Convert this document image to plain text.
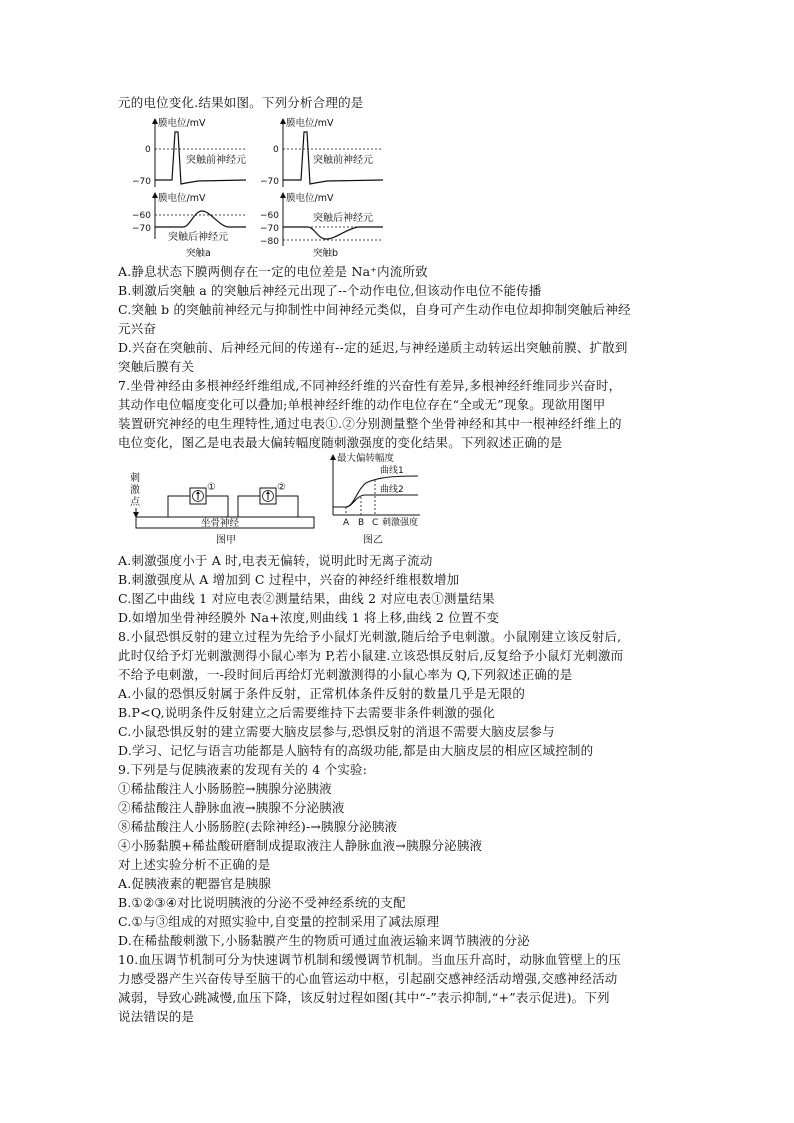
元的电位变化.结果如图。下列分析合理的是
膜电位/mV
0
−70
突触前神经元
膜电位/mV
0
−70
突触前神经元
膜电位/mV
−60
−70
突触后神经元
突触a
膜电位/mV
−60
−70
−80
突触后神经元
突触b
A.静息状态下膜两侧存在一定的电位差是 Na⁺内流所致
B.刺激后突触 a 的突触后神经元出现了--个动作电位,但该动作电位不能传播
C.突触 b 的突触前神经元与抑制性中间神经元类似，自身可产生动作电位却抑制突触后神经
元兴奋
D.兴奋在突触前、后神经元间的传递有--定的延迟,与神经递质主动转运出突触前膜、扩散到
突触后膜有关
7.坐骨神经由多根神经纤维组成,不同神经纤维的兴奋性有差异,多根神经纤维同步兴奋时，
其动作电位幅度变化可以叠加;单根神经纤维的动作电位存在“全或无”现象。现欲用图甲
装置研究神经的电生理特性,通过电表①.②分别测量整个坐骨神经和其中一根神经纤维上的
电位变化，图乙是电表最大偏转幅度随刺激强度的变化结果。下列叙述正确的是
刺
激
点
坐骨神经
①	②
图甲
最大偏转幅度
曲线1
曲线2
A B C 刺激强度
图乙
A.刺激强度小于 A 时,电表无偏转，说明此时无离子流动
B.刺激强度从 A 增加到 C 过程中，兴奋的神经纤维根数增加
C.图乙中曲线 1 对应电表②测量结果，曲线 2 对应电表①测量结果
D.如增加坐骨神经膜外 Na+浓度,则曲线 1 将上移,曲线 2 位置不变
8.小鼠恐惧反射的建立过程为先给予小鼠灯光刺激,随后给予电刺激。小鼠刚建立该反射后,
此时仅给予灯光刺激测得小鼠心率为 P,若小鼠建.立该恐惧反射后,反复给予小鼠灯光刺激而
不给予电刺激，一-段时间后再给灯光刺激测得的小鼠心率为 Q,下列叙述正确的是
A.小鼠的恐惧反射属于条件反射，正常机体条件反射的数量几乎是无限的
B.P<Q,说明条件反射建立之后需要维持下去需要非条件刺激的强化
C.小鼠恐惧反射的建立需要大脑皮层参与,恐惧反射的消退不需要大脑皮层参与
D.学习、记忆与语言功能都是人脑特有的高级功能,都是由大脑皮层的相应区域控制的
9.下列是与促胰液素的发现有关的 4 个实验:
①稀盐酸注人小肠肠腔→胰腺分泌胰液
②稀盐酸注人静脉血液→胰腺不分泌胰液
⑧稀盐酸注人小肠肠腔(去除神经)-→胰腺分泌胰液
④小肠黏膜+稀盐酸研磨制成提取液注人静脉血液→胰腺分泌胰液
对上述实验分析不正确的是
A.促胰液素的靶器官是胰腺
B.①②③④对比说明胰液的分泌不受神经系统的支配
C.①与③组成的对照实验中,自变量的控制采用了减法原理
D.在稀盐酸刺激下,小肠黏膜产生的物质可通过血液运输来调节胰液的分泌
10.血压调节机制可分为快速调节机制和缓慢调节机制。当血压升高时，动脉血管壁上的压
力感受器产生兴奋传导至脑干的心血管运动中枢，引起副交感神经活动增强,交感神经活动
减弱，导致心跳减慢,血压下降，该反射过程如图(其中“-”表示抑制,“+”表示促进)。下列
说法错误的是
